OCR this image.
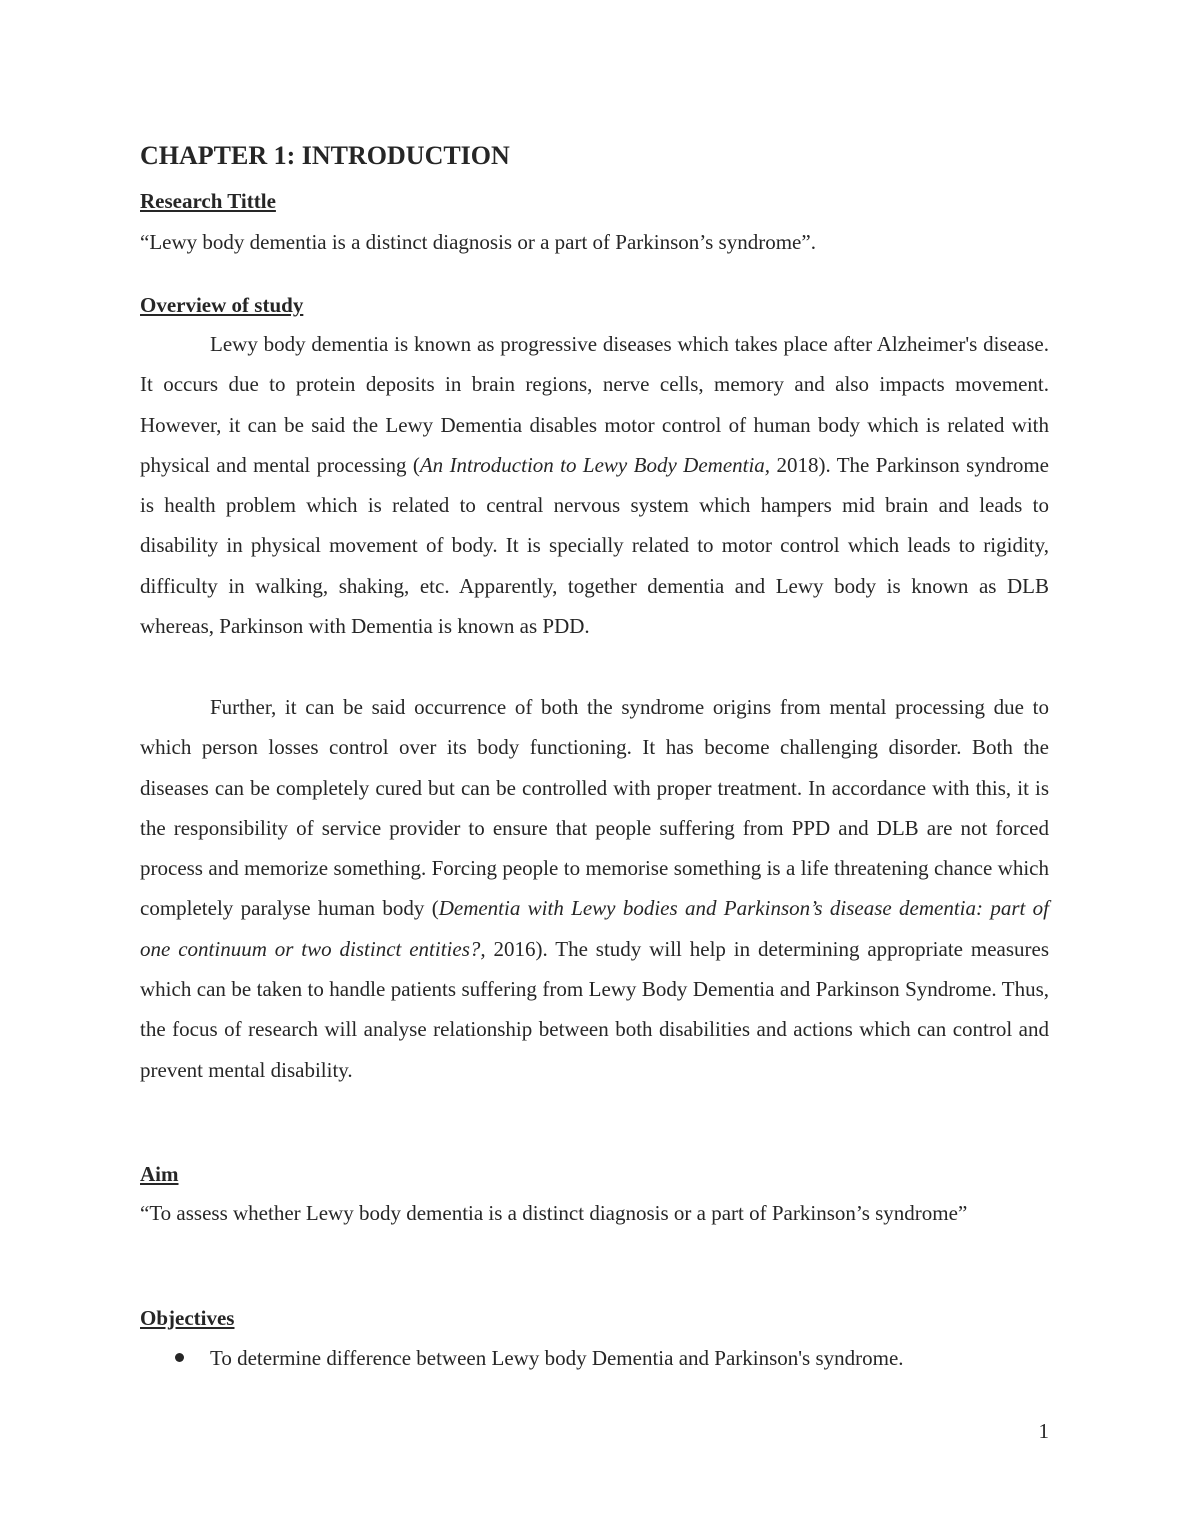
CHAPTER 1: INTRODUCTION
Research Tittle

“Lewy body dementia is a distinct diagnosis or a part of Parkinson’s syndrome”.

Overview of study

Lewy body dementia is known as progressive diseases which takes place after Alzheimer's disease. It occurs due to protein deposits in brain regions, nerve cells, memory and also impacts movement. However, it can be said the Lewy Dementia disables motor control of human body which is related with physical and mental processing (An Introduction to Lewy Body Dementia, 2018). The Parkinson syndrome is health problem which is related to central nervous system which hampers mid brain and leads to disability in physical movement of body. It is specially related to motor control which leads to rigidity, difficulty in walking, shaking, etc. Apparently, together dementia and Lewy body is known as DLB whereas, Parkinson with Dementia is known as PDD.

Further, it can be said occurrence of both the syndrome origins from mental processing due to which person losses control over its body functioning. It has become challenging disorder. Both the diseases can be completely cured but can be controlled with proper treatment. In accordance with this, it is the responsibility of service provider to ensure that people suffering from PPD and DLB are not forced process and memorize something. Forcing people to memorise something is a life threatening chance which completely paralyse human body (Dementia with Lewy bodies and Parkinson’s disease dementia: part of one continuum or two distinct entities?, 2016). The study will help in determining appropriate measures which can be taken to handle patients suffering from Lewy Body Dementia and Parkinson Syndrome. Thus, the focus of research will analyse relationship between both disabilities and actions which can control and prevent mental disability.

Aim

“To assess whether Lewy body dementia is a distinct diagnosis or a part of Parkinson’s syndrome”

Objectives
To determine difference between Lewy body Dementia and Parkinson's syndrome.

1
